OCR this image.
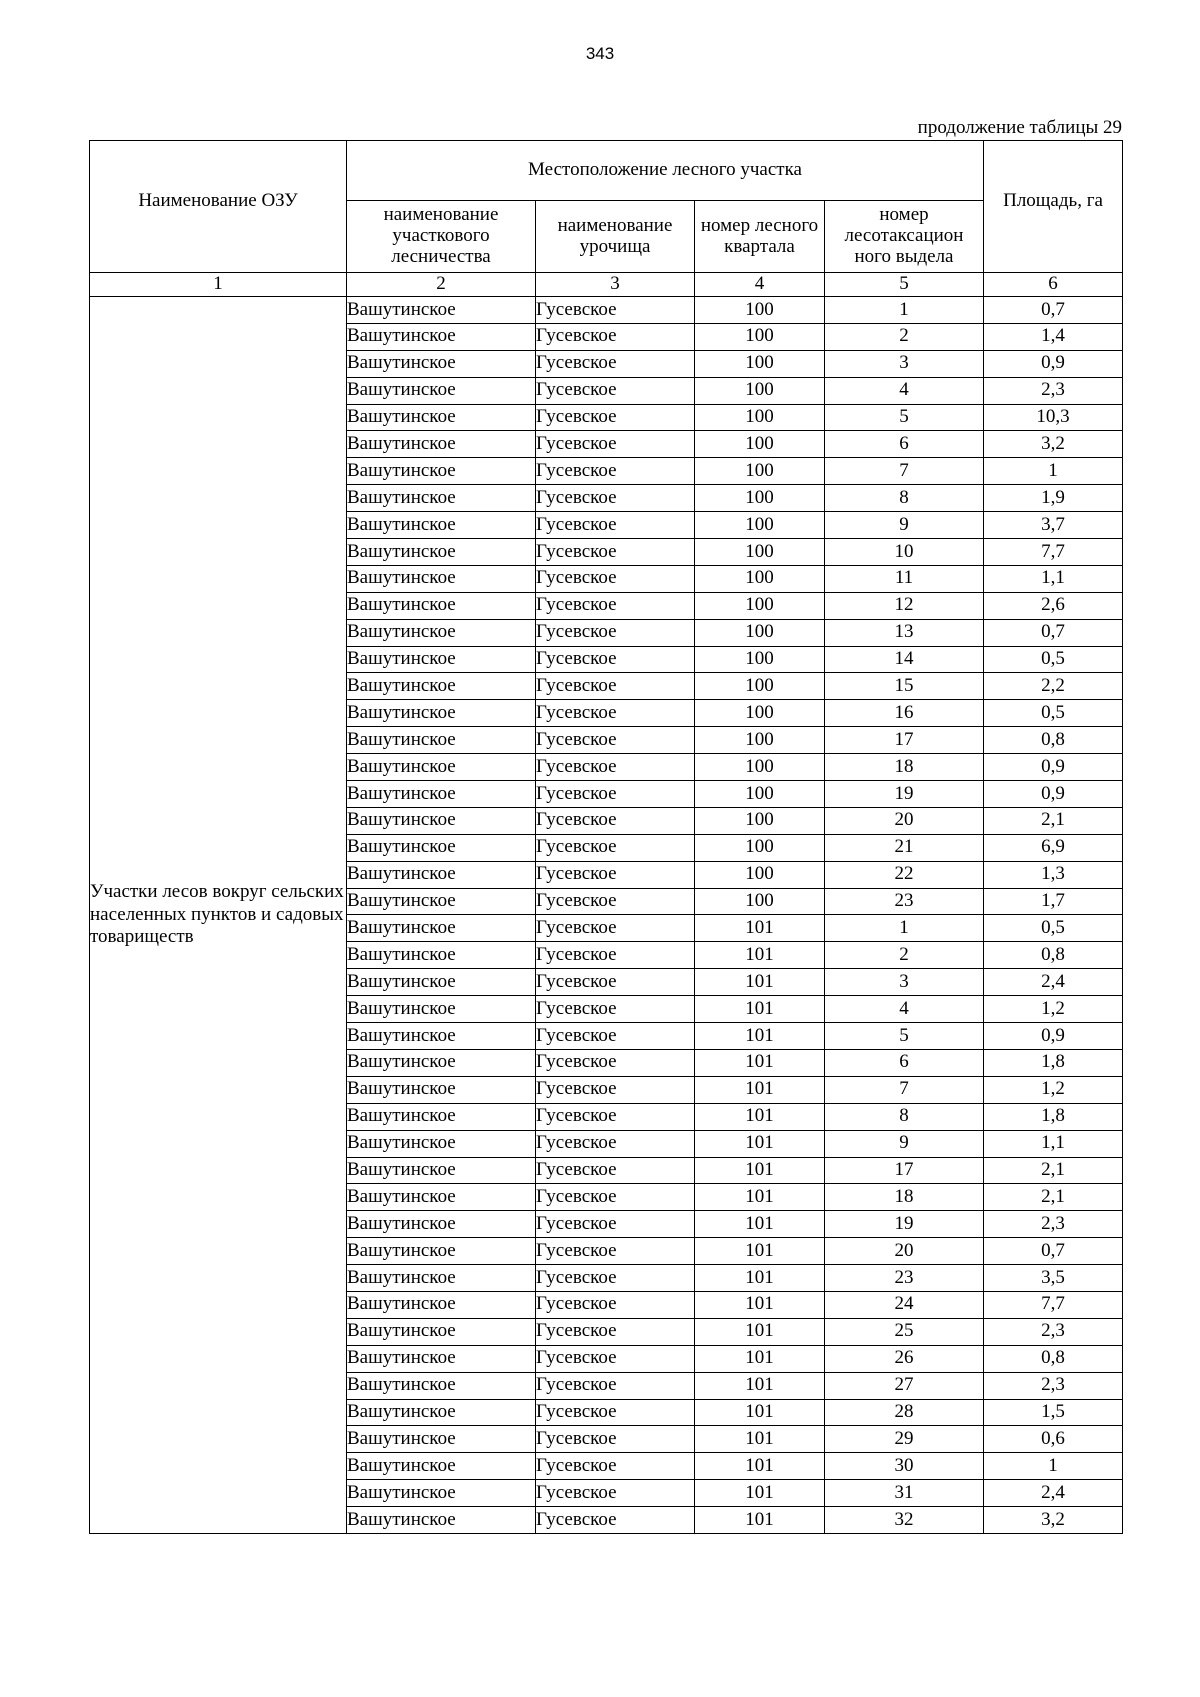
343
продолжение таблицы 29
Наименование ОЗУ	Местоположение лесного участка				Площадь, га

	наименование участкового лесничества	наименование урочища	номер лесного квартала	номер лесотаксацион ного выдела	
1	2	3	4	5	6

Участки лесов вокруг сельских населенных пунктов и садовых товариществ	Вашутинское	Гусевское	100	1	0,7
	Вашутинское	Гусевское	100	2	1,4
	Вашутинское	Гусевское	100	3	0,9
	Вашутинское	Гусевское	100	4	2,3
	Вашутинское	Гусевское	100	5	10,3
	Вашутинское	Гусевское	100	6	3,2
	Вашутинское	Гусевское	100	7	1
	Вашутинское	Гусевское	100	8	1,9
	Вашутинское	Гусевское	100	9	3,7
	Вашутинское	Гусевское	100	10	7,7
	Вашутинское	Гусевское	100	11	1,1
	Вашутинское	Гусевское	100	12	2,6
	Вашутинское	Гусевское	100	13	0,7
	Вашутинское	Гусевское	100	14	0,5
	Вашутинское	Гусевское	100	15	2,2
	Вашутинское	Гусевское	100	16	0,5
	Вашутинское	Гусевское	100	17	0,8
	Вашутинское	Гусевское	100	18	0,9
	Вашутинское	Гусевское	100	19	0,9
	Вашутинское	Гусевское	100	20	2,1
	Вашутинское	Гусевское	100	21	6,9
	Вашутинское	Гусевское	100	22	1,3
	Вашутинское	Гусевское	100	23	1,7
	Вашутинское	Гусевское	101	1	0,5
	Вашутинское	Гусевское	101	2	0,8
	Вашутинское	Гусевское	101	3	2,4
	Вашутинское	Гусевское	101	4	1,2
	Вашутинское	Гусевское	101	5	0,9
	Вашутинское	Гусевское	101	6	1,8
	Вашутинское	Гусевское	101	7	1,2
	Вашутинское	Гусевское	101	8	1,8
	Вашутинское	Гусевское	101	9	1,1
	Вашутинское	Гусевское	101	17	2,1
	Вашутинское	Гусевское	101	18	2,1
	Вашутинское	Гусевское	101	19	2,3
	Вашутинское	Гусевское	101	20	0,7
	Вашутинское	Гусевское	101	23	3,5
	Вашутинское	Гусевское	101	24	7,7
	Вашутинское	Гусевское	101	25	2,3
	Вашутинское	Гусевское	101	26	0,8
	Вашутинское	Гусевское	101	27	2,3
	Вашутинское	Гусевское	101	28	1,5
	Вашутинское	Гусевское	101	29	0,6
	Вашутинское	Гусевское	101	30	1
	Вашутинское	Гусевское	101	31	2,4
	Вашутинское	Гусевское	101	32	3,2
